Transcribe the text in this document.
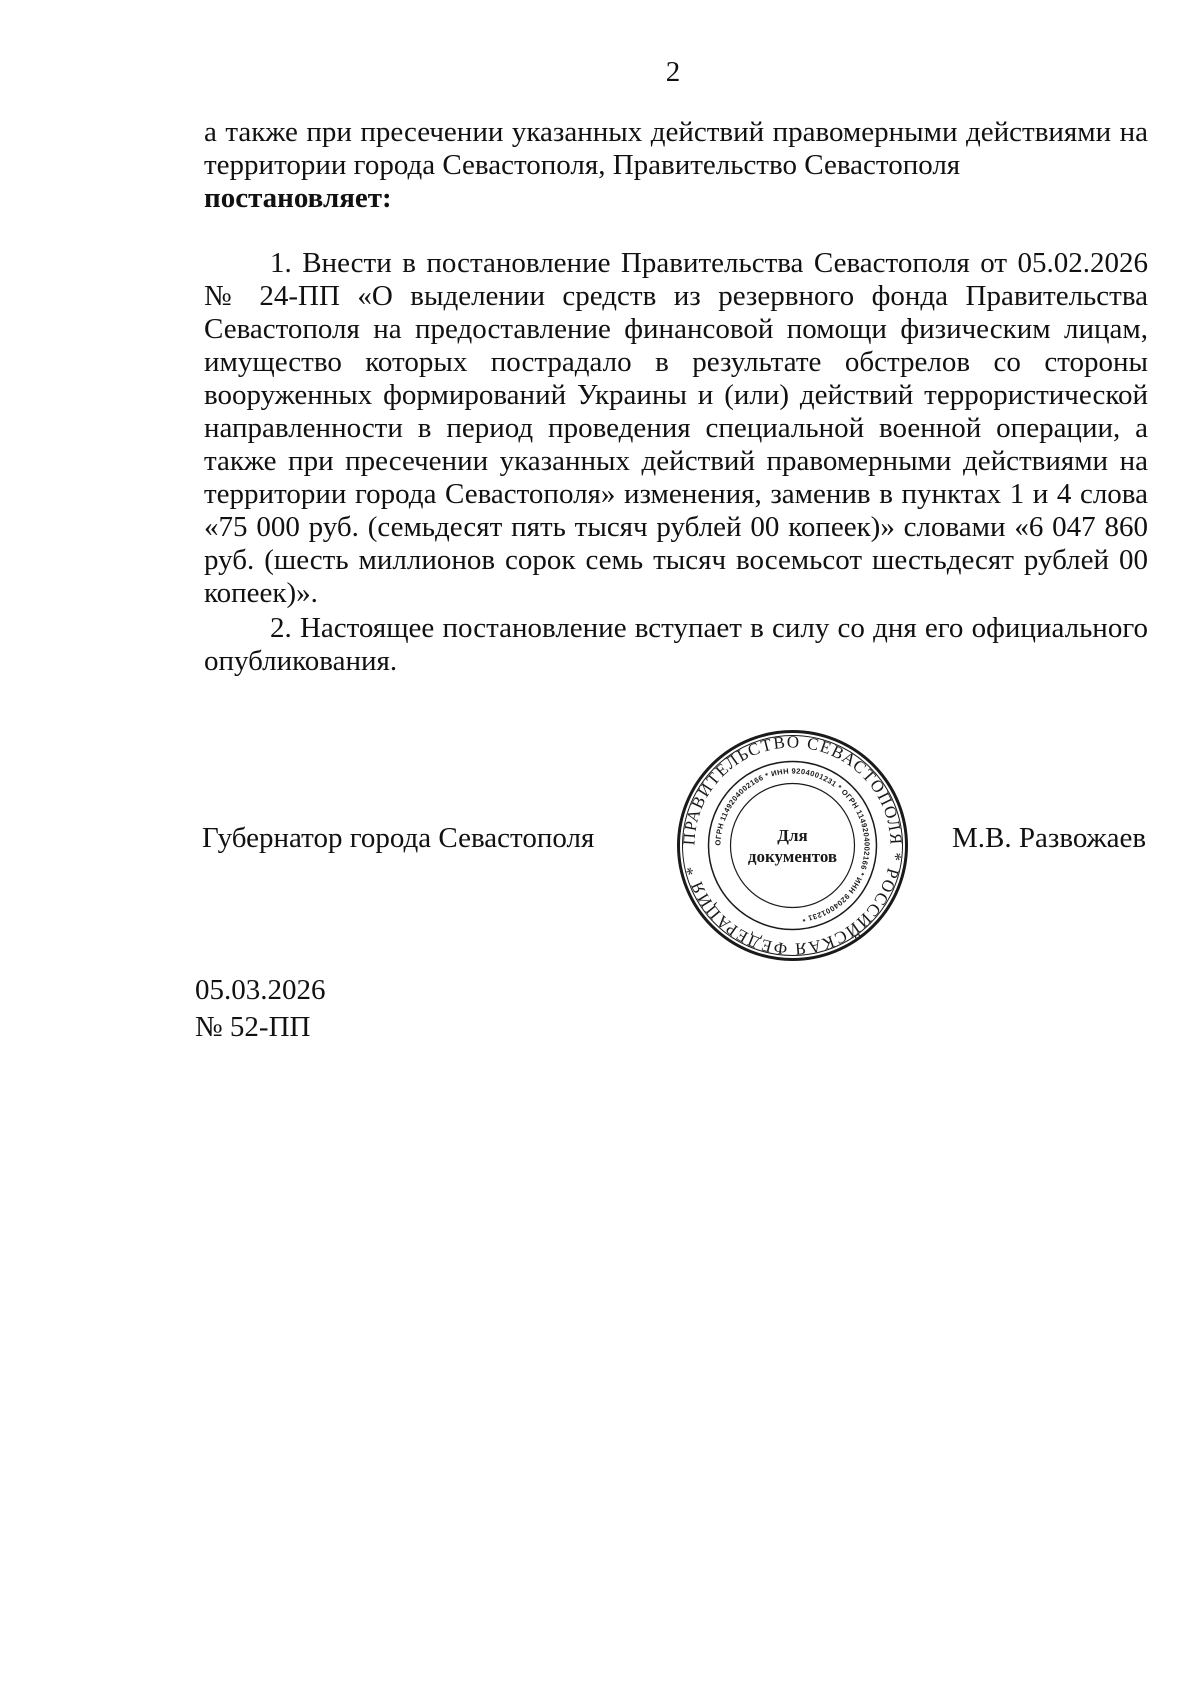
2
а также при пресечении указанных действий правомерными действиями на территории города Севастополя, Правительство Севастополя
постановляет:
1. Внести в постановление Правительства Севастополя от 05.02.2026 № 24-ПП «О выделении средств из резервного фонда Правительства Севастополя на предоставление финансовой помощи физическим лицам, имущество которых пострадало в результате обстрелов со стороны вооруженных формирований Украины и (или) действий террористической направленности в период проведения специальной военной операции, а также при пресечении указанных действий правомерными действиями на территории города Севастополя» изменения, заменив в пунктах 1 и 4 слова «75 000 руб. (семьдесят пять тысяч рублей 00 копеек)» словами «6 047 860 руб. (шесть миллионов сорок семь тысяч восемьсот шестьдесят рублей 00 копеек)».
2. Настоящее постановление вступает в силу со дня его официального опубликования.
Губернатор города Севастополя	ПРАВИТЕЛЬСТВО СЕВАСТОПОЛЯ * РОССИЙСКАЯ ФЕДЕРАЦИЯ *
ОГРН 1149204002166 * ИНН 9204001231 * ОГРН 1149204002166 * ИНН 9204001231 *
Для
документов
М.В. Развожаев
05.03.2026
№ 52-ПП
